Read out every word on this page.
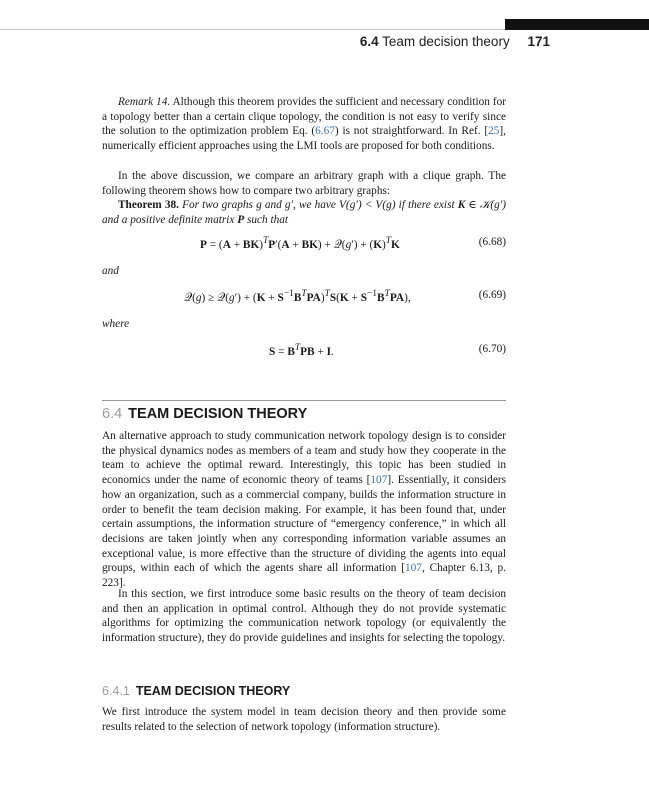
6.4 Team decision theory 171

Remark 14. Although this theorem provides the sufficient and necessary condition for a topology better than a certain clique topology, the condition is not easy to verify since the solution to the optimization problem Eq. (6.67) is not straightforward. In Ref. [25], numerically efficient approaches using the LMI tools are proposed for both conditions.

In the above discussion, we compare an arbitrary graph with a clique graph. The following theorem shows how to compare two arbitrary graphs:

Theorem 38. For two graphs g and g′, we have V(g′) < V(g) if there exist K ∈ 𝒦(g′) and a positive definite matrix P such that

P = (A + BK)$^T$P′(A + BK) + 𝒬(g′) + $(K)^TK$	(6.68)
and
𝒬(g) ≥ 𝒬(g′) + $(K + S^{-1}B^TPA)^TS(K + S^{-1}B^TPA)$,	(6.69)
where
$S = B^TPB + I$.	(6.70)
6.4 TEAM DECISION THEORY

An alternative approach to study communication network topology design is to consider the physical dynamics nodes as members of a team and study how they cooperate in the team to achieve the optimal reward. Interestingly, this topic has been studied in economics under the name of economic theory of teams [107]. Essentially, it considers how an organization, such as a commercial company, builds the information structure in order to benefit the team decision making. For example, it has been found that, under certain assumptions, the information structure of “emergency conference,” in which all decisions are taken jointly when any corresponding information variable assumes an exceptional value, is more effective than the structure of dividing the agents into equal groups, within each of which the agents share all information [107, Chapter 6.13, p. 223].

In this section, we first introduce some basic results on the theory of team decision and then an application in optimal control. Although they do not provide systematic algorithms for optimizing the communication network topology (or equivalently the information structure), they do provide guidelines and insights for selecting the topology.

6.4.1 TEAM DECISION THEORY

We first introduce the system model in team decision theory and then provide some results related to the selection of network topology (information structure).
